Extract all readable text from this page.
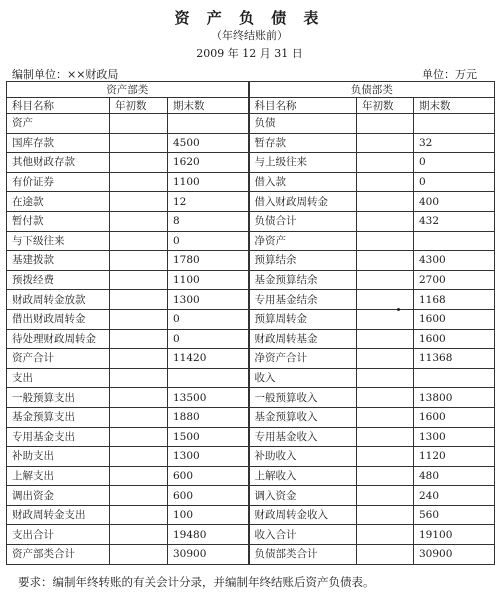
资 产 负 债 表
（年终结账前）
2009 年 12 月 31 日
编制单位：××财政局	单位：万元
资产部类			负债部类		
科目名称	年初数	期末数	科目名称	年初数	期末数
资产			负债		
国库存款		4500	暂存款		32
其他财政存款		1620	与上级往来		0
有价证券		1100	借入款		0
在途款		12	借入财政周转金		400
暂付款		8	负债合计		432
与下级往来		0	净资产		
基建拨款		1780	预算结余		4300
预拨经费		1100	基金预算结余		2700
财政周转金放款		1300	专用基金结余		1168
借出财政周转金		0	预算周转金		1600
待处理财政周转金		0	财政周转基金		1600
资产合计		11420	净资产合计		11368
支出			收入		
一般预算支出		13500	一般预算收入		13800
基金预算支出		1880	基金预算收入		1600
专用基金支出		1500	专用基金收入		1300
补助支出		1300	补助收入		1120
上解支出		600	上解收入		480
调出资金		600	调入资金		240
财政周转金支出		100	财政周转金收入		560
支出合计		19480	收入合计		19100
资产部类合计		30900	负债部类合计		30900
要求：编制年终转账的有关会计分录，并编制年终结账后资产负债表。
